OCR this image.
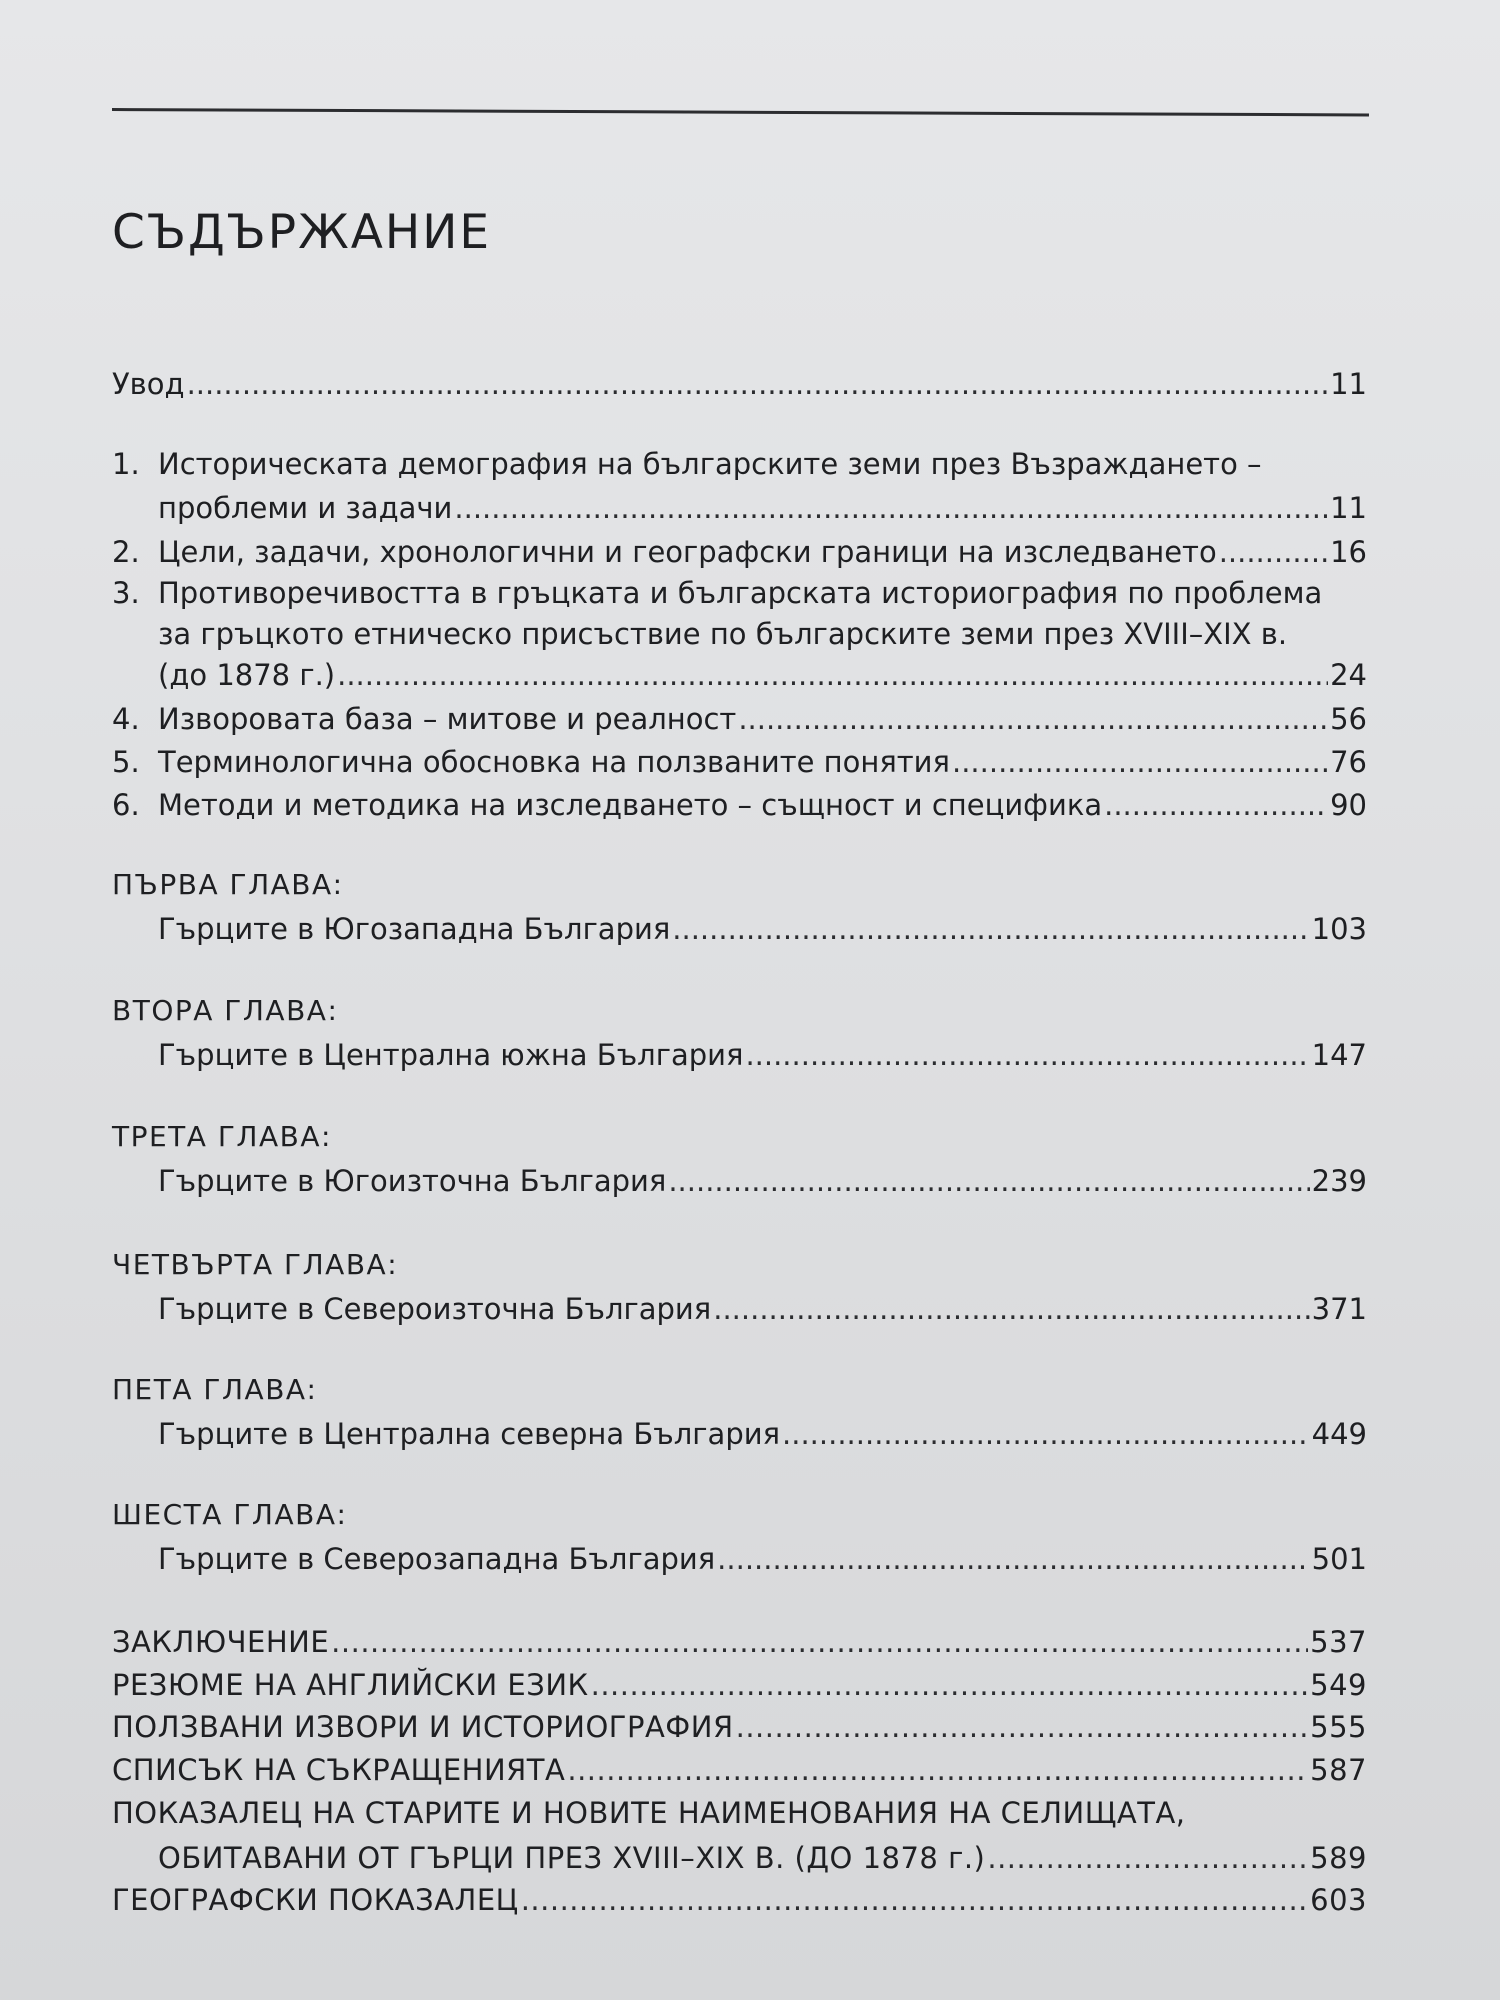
СЪДЪРЖАНИЕ
Увод .....	11
1. Историческата демография на българските земи през Възраждането –
проблеми и задачи .....	11
2. Цели, задачи, хронологични и географски граници на изследването .....	16
3. Противоречивостта в гръцката и българската историография по проблема
за гръцкото етническо присъствие по българските земи през XVIII–XIX в.
(до 1878 г.) .....	24
4. Изворовата база – митове и реалност .....	56
5. Терминологична обосновка на ползваните понятия .....	76
6. Методи и методика на изследването – същност и специфика .....	90
ПЪРВА ГЛАВА:
Гърците в Югозападна България .....	103
ВТОРА ГЛАВА:
Гърците в Централна южна България .....	147
ТРЕТА ГЛАВА:
Гърците в Югоизточна България .....	239
ЧЕТВЪРТА ГЛАВА:
Гърците в Североизточна България .....	371
ПЕТА ГЛАВА:
Гърците в Централна северна България .....	449
ШЕСТА ГЛАВА:
Гърците в Северозападна България .....	501
ЗАКЛЮЧЕНИЕ .....	537
РЕЗЮМЕ НА АНГЛИЙСКИ ЕЗИК .....	549
ПОЛЗВАНИ ИЗВОРИ И ИСТОРИОГРАФИЯ .....	555
СПИСЪК НА СЪКРАЩЕНИЯТА .....	587
ПОКАЗАЛЕЦ НА СТАРИТЕ И НОВИТЕ НАИМЕНОВАНИЯ НА СЕЛИЩАТА,
ОБИТАВАНИ ОТ ГЪРЦИ ПРЕЗ XVIII–XIX В. (ДО 1878 г.) .....	589
ГЕОГРАФСКИ ПОКАЗАЛЕЦ .....	603
